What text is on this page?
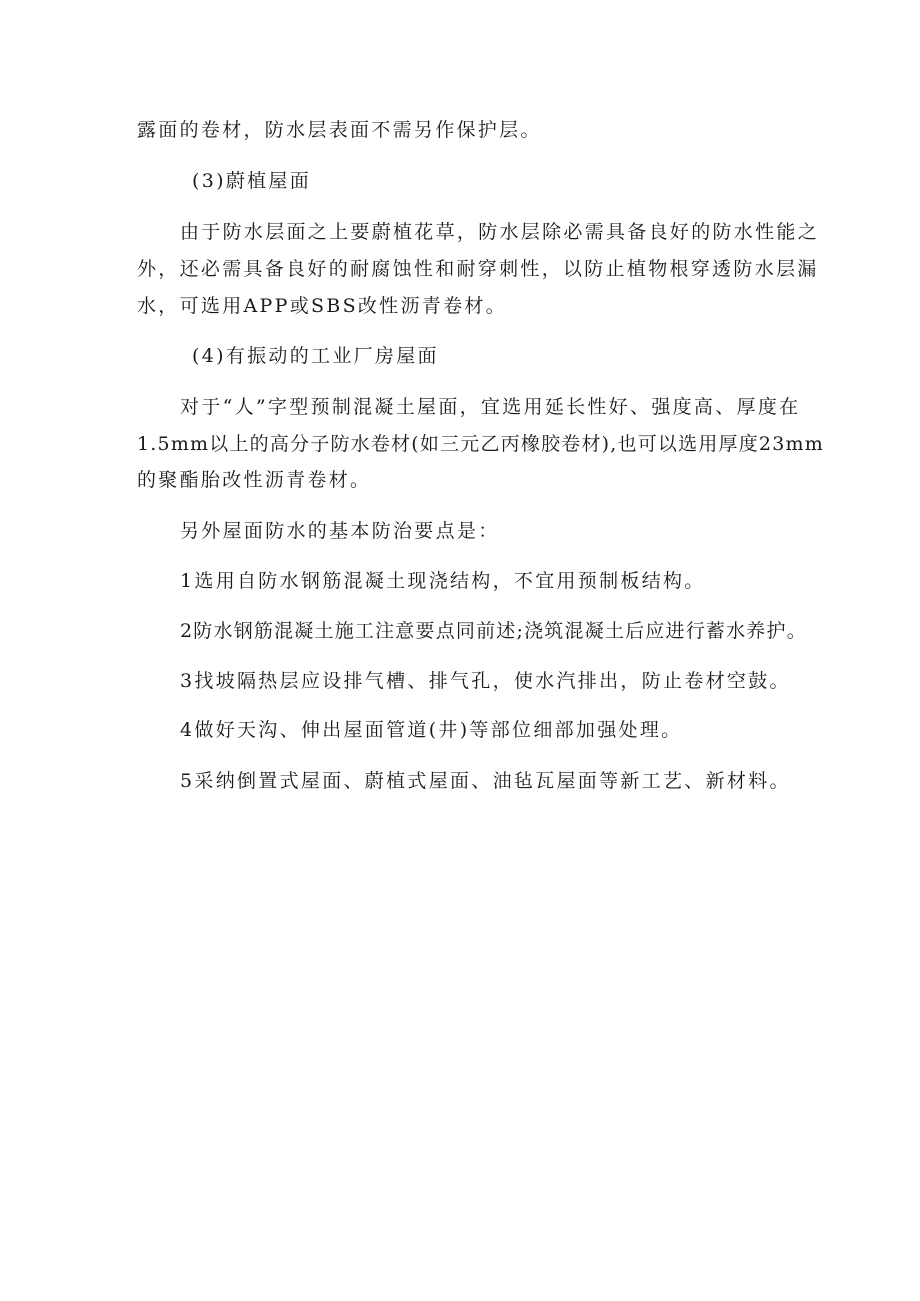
露面的卷材，防水层表面不需另作保护层。
(3)蔚植屋面
由于防水层面之上要蔚植花草，防水层除必需具备良好的防水性能之
外，还必需具备良好的耐腐蚀性和耐穿刺性，以防止植物根穿透防水层漏
水，可选用APP或SBS改性沥青卷材。
(4)有振动的工业厂房屋面
对于“人”字型预制混凝土屋面，宜选用延长性好、强度高、厚度在
1.5mm以上的高分子防水卷材(如三元乙丙橡胶卷材),也可以选用厚度23mm
的聚酯胎改性沥青卷材。
另外屋面防水的基本防治要点是：
1选用自防水钢筋混凝土现浇结构，不宜用预制板结构。
2防水钢筋混凝土施工注意要点同前述;浇筑混凝土后应进行蓄水养护。
3找坡隔热层应设排气槽、排气孔，使水汽排出，防止卷材空鼓。
4做好天沟、伸出屋面管道(井)等部位细部加强处理。
5采纳倒置式屋面、蔚植式屋面、油毡瓦屋面等新工艺、新材料。
